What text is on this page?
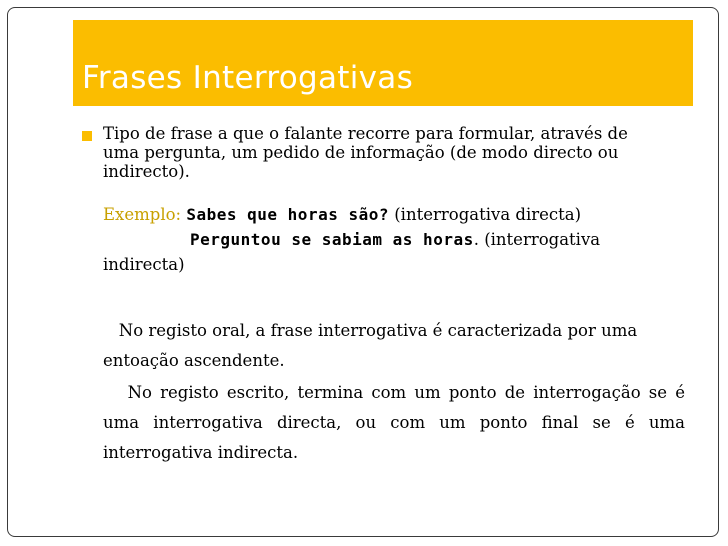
Frases Interrogativas
Tipo de frase a que o falante recorre para formular, através de uma pergunta, um pedido de informação (de modo directo ou indirecto).
Exemplo: Sabes que horas são? (interrogativa directa)
Perguntou se sabiam as horas. (interrogativa
indirecta)
No registo oral, a frase interrogativa é caracterizada por uma entoação ascendente.
No registo escrito, termina com um ponto de interrogação se é uma interrogativa directa, ou com um ponto final se é uma interrogativa indirecta.
